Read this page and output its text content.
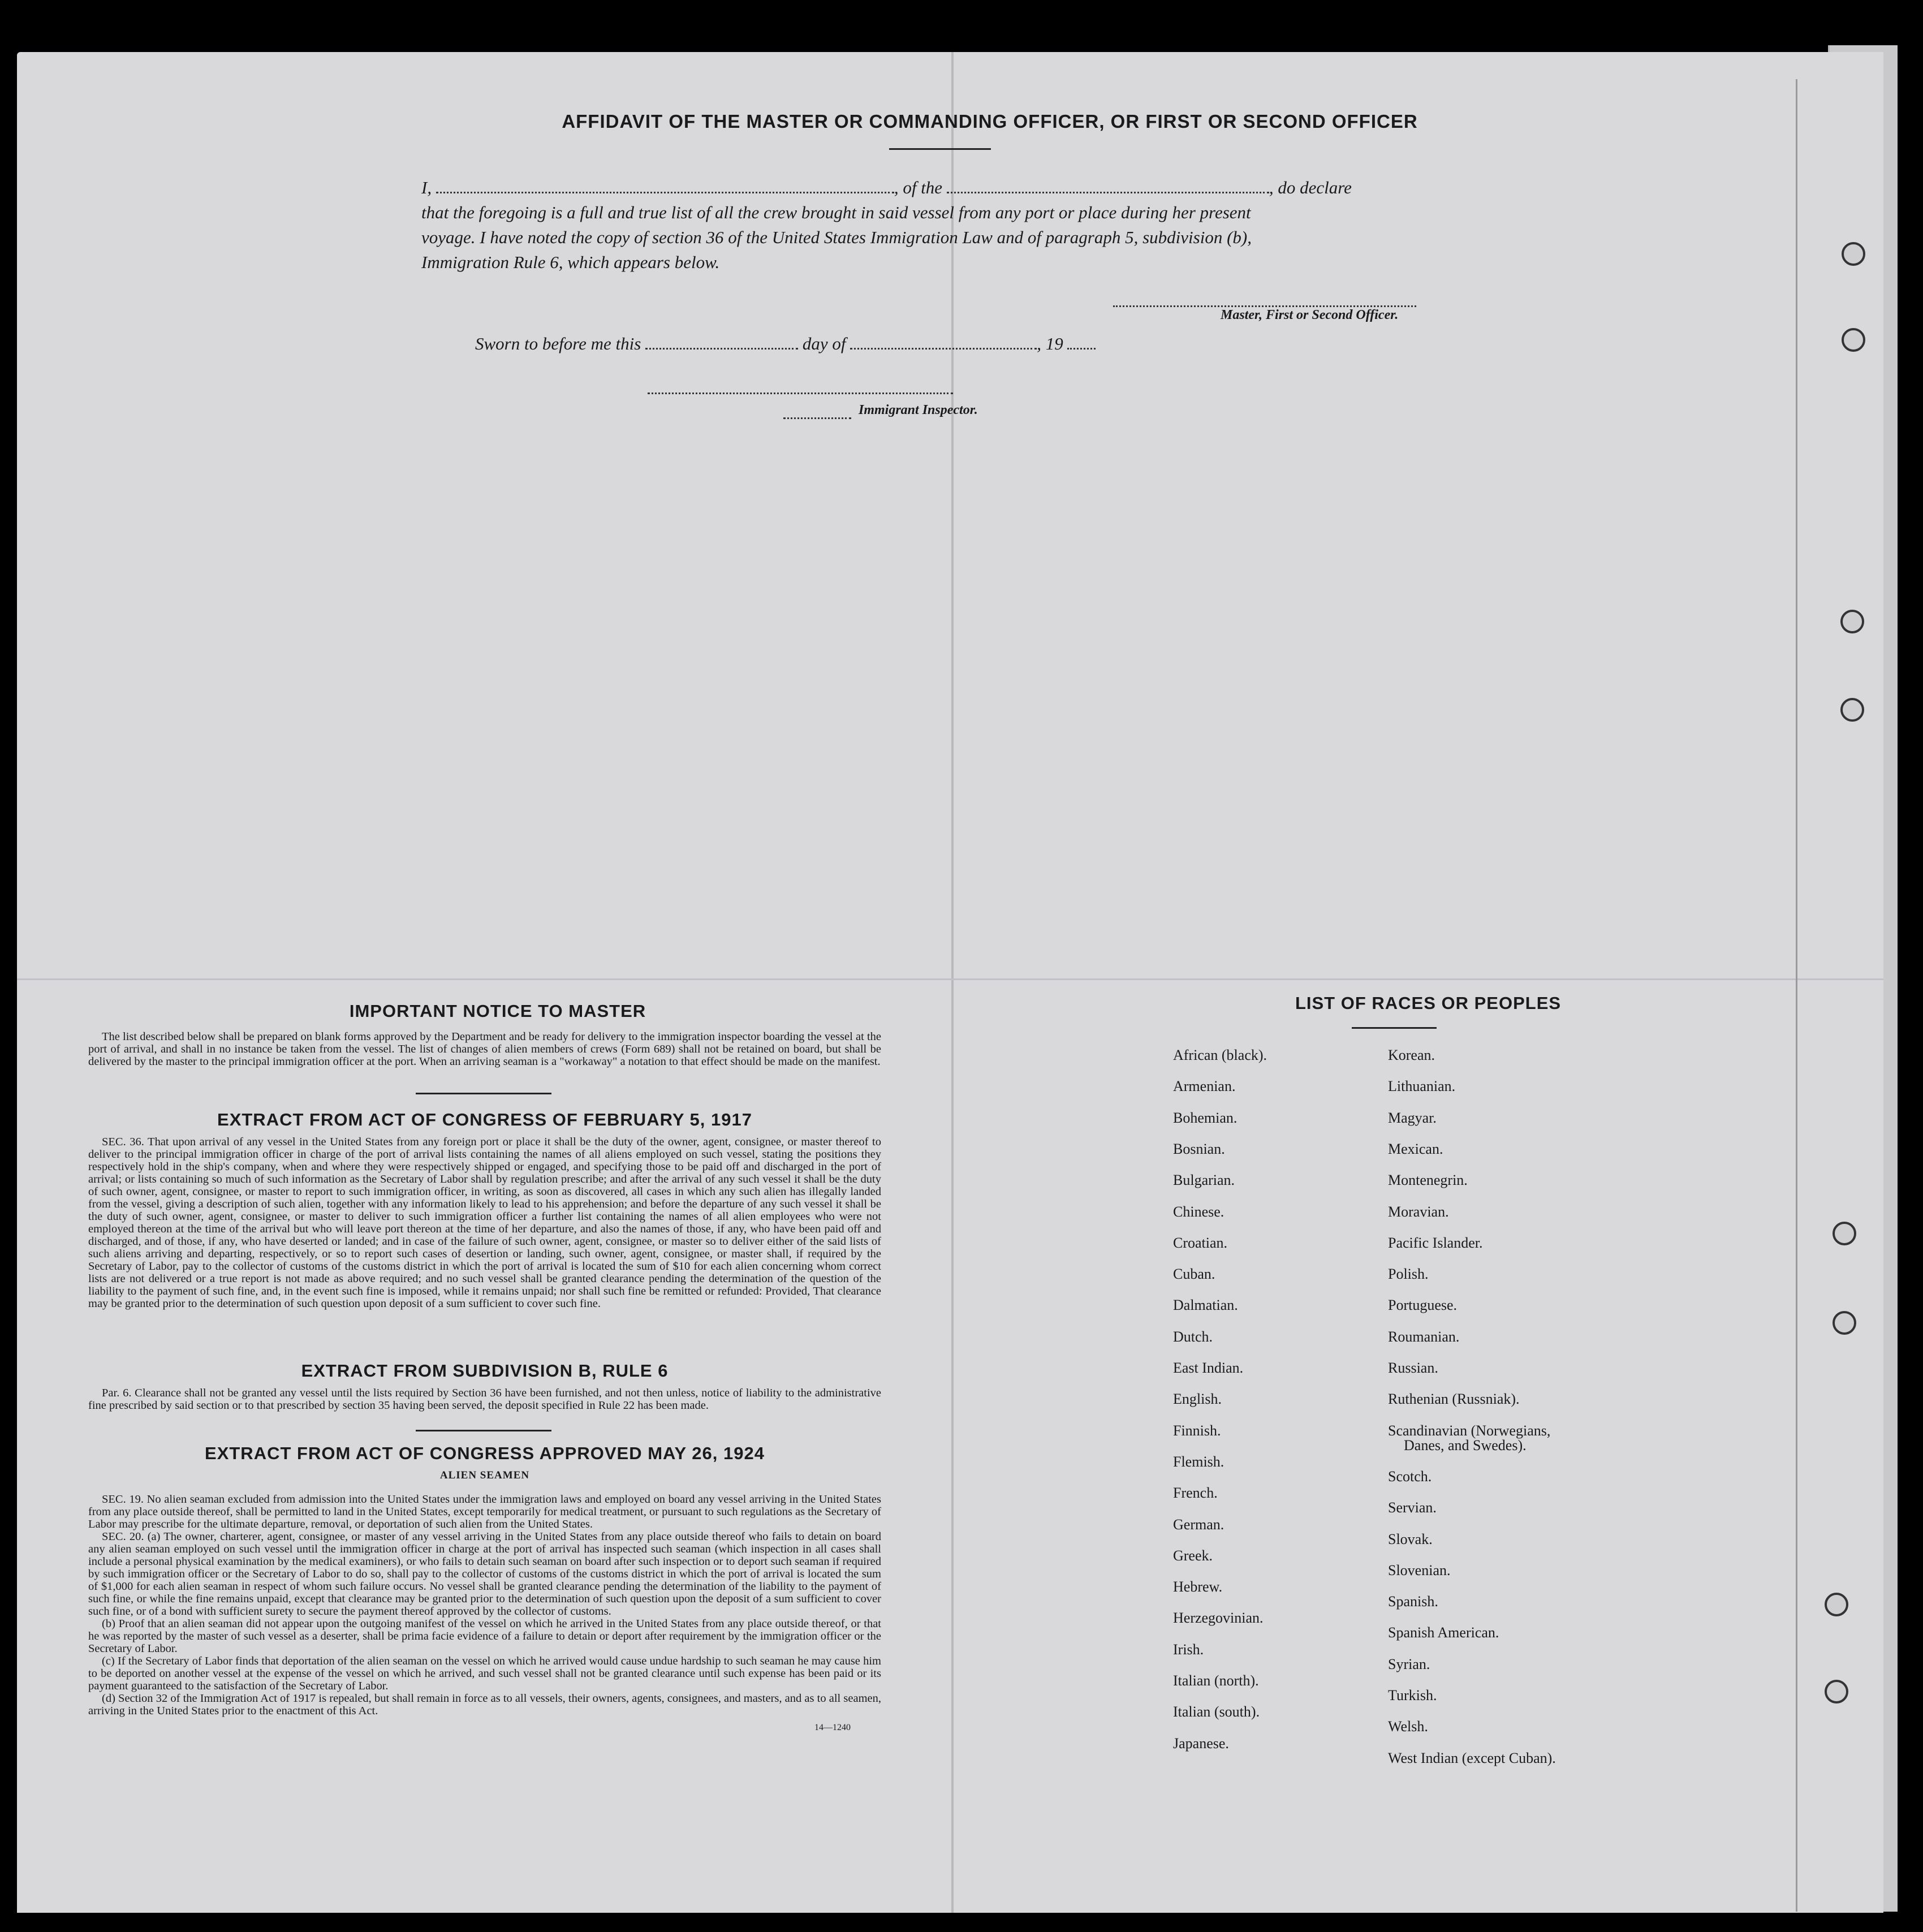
AFFIDAVIT OF THE MASTER OR COMMANDING OFFICER, OR FIRST OR SECOND OFFICER
I,	, of the	, do declare
that the foregoing is a full and true list of all the crew brought in said vessel from any port or place during her present
voyage. I have noted the copy of section 36 of the United States Immigration Law and of paragraph 5, subdivision (b),
Immigration Rule 6, which appears below.
Master, First or Second Officer.
Sworn to before me this	day of	, 19
Immigrant Inspector.
IMPORTANT NOTICE TO MASTER

The list described below shall be prepared on blank forms approved by the Department and be ready for delivery to the immigration inspector boarding the vessel at the port of arrival, and shall in no instance be taken from the vessel. The list of changes of alien members of crews (Form 689) shall not be retained on board, but shall be delivered by the master to the principal immigration officer at the port. When an arriving seaman is a "workaway" a notation to that effect should be made on the manifest.

EXTRACT FROM ACT OF CONGRESS OF FEBRUARY 5, 1917

SEC. 36. That upon arrival of any vessel in the United States from any foreign port or place it shall be the duty of the owner, agent, consignee, or master thereof to deliver to the principal immigration officer in charge of the port of arrival lists containing the names of all aliens employed on such vessel, stating the positions they respectively hold in the ship's company, when and where they were respectively shipped or engaged, and specifying those to be paid off and discharged in the port of arrival; or lists containing so much of such information as the Secretary of Labor shall by regulation prescribe; and after the arrival of any such vessel it shall be the duty of such owner, agent, consignee, or master to report to such immigration officer, in writing, as soon as discovered, all cases in which any such alien has illegally landed from the vessel, giving a description of such alien, together with any information likely to lead to his apprehension; and before the departure of any such vessel it shall be the duty of such owner, agent, consignee, or master to deliver to such immigration officer a further list containing the names of all alien employees who were not employed thereon at the time of the arrival but who will leave port thereon at the time of her departure, and also the names of those, if any, who have been paid off and discharged, and of those, if any, who have deserted or landed; and in case of the failure of such owner, agent, consignee, or master so to deliver either of the said lists of such aliens arriving and departing, respectively, or so to report such cases of desertion or landing, such owner, agent, consignee, or master shall, if required by the Secretary of Labor, pay to the collector of customs of the customs district in which the port of arrival is located the sum of $10 for each alien concerning whom correct lists are not delivered or a true report is not made as above required; and no such vessel shall be granted clearance pending the determination of the question of the liability to the payment of such fine, and, in the event such fine is imposed, while it remains unpaid; nor shall such fine be remitted or refunded: Provided, That clearance may be granted prior to the determination of such question upon deposit of a sum sufficient to cover such fine.

EXTRACT FROM SUBDIVISION B, RULE 6

Par. 6. Clearance shall not be granted any vessel until the lists required by Section 36 have been furnished, and not then unless, notice of liability to the administrative fine prescribed by said section or to that prescribed by section 35 having been served, the deposit specified in Rule 22 has been made.

EXTRACT FROM ACT OF CONGRESS APPROVED MAY 26, 1924
ALIEN SEAMEN

SEC. 19. No alien seaman excluded from admission into the United States under the immigration laws and employed on board any vessel arriving in the United States from any place outside thereof, shall be permitted to land in the United States, except temporarily for medical treatment, or pursuant to such regulations as the Secretary of Labor may prescribe for the ultimate departure, removal, or deportation of such alien from the United States.

SEC. 20. (a) The owner, charterer, agent, consignee, or master of any vessel arriving in the United States from any place outside thereof who fails to detain on board any alien seaman employed on such vessel until the immigration officer in charge at the port of arrival has inspected such seaman (which inspection in all cases shall include a personal physical examination by the medical examiners), or who fails to detain such seaman on board after such inspection or to deport such seaman if required by such immigration officer or the Secretary of Labor to do so, shall pay to the collector of customs of the customs district in which the port of arrival is located the sum of $1,000 for each alien seaman in respect of whom such failure occurs. No vessel shall be granted clearance pending the determination of the liability to the payment of such fine, or while the fine remains unpaid, except that clearance may be granted prior to the determination of such question upon the deposit of a sum sufficient to cover such fine, or of a bond with sufficient surety to secure the payment thereof approved by the collector of customs.

(b) Proof that an alien seaman did not appear upon the outgoing manifest of the vessel on which he arrived in the United States from any place outside thereof, or that he was reported by the master of such vessel as a deserter, shall be prima facie evidence of a failure to detain or deport after requirement by the immigration officer or the Secretary of Labor.

(c) If the Secretary of Labor finds that deportation of the alien seaman on the vessel on which he arrived would cause undue hardship to such seaman he may cause him to be deported on another vessel at the expense of the vessel on which he arrived, and such vessel shall not be granted clearance until such expense has been paid or its payment guaranteed to the satisfaction of the Secretary of Labor.

(d) Section 32 of the Immigration Act of 1917 is repealed, but shall remain in force as to all vessels, their owners, agents, consignees, and masters, and as to all seamen, arriving in the United States prior to the enactment of this Act.

14—1240
LIST OF RACES OR PEOPLES
African (black).
Armenian.
Bohemian.
Bosnian.
Bulgarian.
Chinese.
Croatian.
Cuban.
Dalmatian.
Dutch.
East Indian.
English.
Finnish.
Flemish.
French.
German.
Greek.
Hebrew.
Herzegovinian.
Irish.
Italian (north).
Italian (south).
Japanese.
Korean.
Lithuanian.
Magyar.
Mexican.
Montenegrin.
Moravian.
Pacific Islander.
Polish.
Portuguese.
Roumanian.
Russian.
Ruthenian (Russniak).
Scandinavian (Norwegians,
Danes, and Swedes).
Scotch.
Servian.
Slovak.
Slovenian.
Spanish.
Spanish American.
Syrian.
Turkish.
Welsh.
West Indian (except Cuban).
